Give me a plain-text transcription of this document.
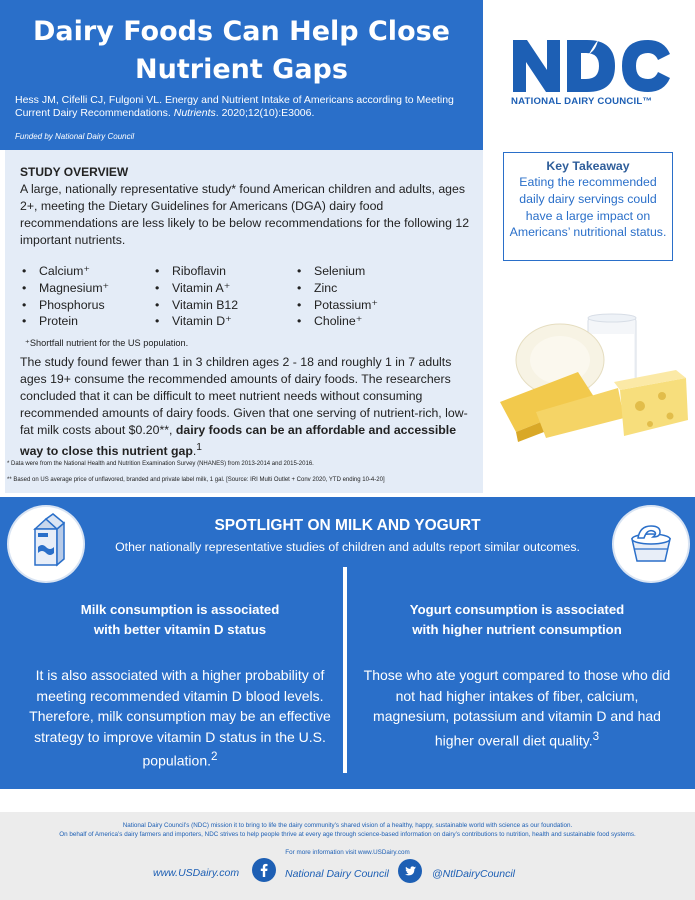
Dairy Foods Can Help Close
Nutrient Gaps
Hess JM, Cifelli CJ, Fulgoni VL. Energy and Nutrient Intake of Americans according to Meeting Current Dairy Recommendations. Nutrients. 2020;12(10):E3006.
Funded by National Dairy Council
NATIONAL DAIRY COUNCIL™
STUDY OVERVIEW
A large, nationally representative study* found American children and adults, ages 2+, meeting the Dietary Guidelines for Americans (DGA) dairy food recommendations are less likely to be below recommendations for the following 12 important nutrients.
• Calcium⁺
• Magnesium⁺
• Phosphorus
• Protein
• Riboflavin
• Vitamin A⁺
• Vitamin B12
• Vitamin D⁺
• Selenium
• Zinc
• Potassium⁺
• Choline⁺
⁺Shortfall nutrient for the US population.
The study found fewer than 1 in 3 children ages 2 - 18 and roughly 1 in 7 adults ages 19+ consume the recommended amounts of dairy foods. The researchers concluded that it can be difficult to meet nutrient needs without consuming recommended amounts of dairy foods. Given that one serving of nutrient-rich, low-fat milk costs about $0.20**, dairy foods can be an affordable and accessible way to close this nutrient gap.$^1$
* Data were from the National Health and Nutrition Examination Survey (NHANES) from 2013-2014 and 2015-2016.
** Based on US average price of unflavored, branded and private label milk, 1 gal. [Source: IRI Multi Outlet + Conv 2020, YTD ending 10-4-20]
Key Takeaway
Eating the recommended daily dairy servings could have a large impact on Americans’ nutritional status.
SPOTLIGHT ON MILK AND YOGURT
Other nationally representative studies of children and adults report similar outcomes.
Milk consumption is associated
with better vitamin D status
It is also associated with a higher probability of meeting recommended vitamin D blood levels. Therefore, milk consumption may be an effective strategy to improve vitamin D status in the U.S. population.$^2$
Yogurt consumption is associated
with higher nutrient consumption
Those who ate yogurt compared to those who did not had higher intakes of fiber, calcium, magnesium, potassium and vitamin D and had higher overall diet quality.$^3$
National Dairy Council’s (NDC) mission it to bring to life the dairy community’s shared vision of a healthy, happy, sustainable world with science as our foundation.
On behalf of America’s dairy farmers and importers, NDC strives to help people thrive at every age through science-based information on dairy’s contributions to nutrition, health and sustainable food systems.
For more information visit www.USDairy.com
www.USDairy.com	National Dairy Council	@NtlDairyCouncil
